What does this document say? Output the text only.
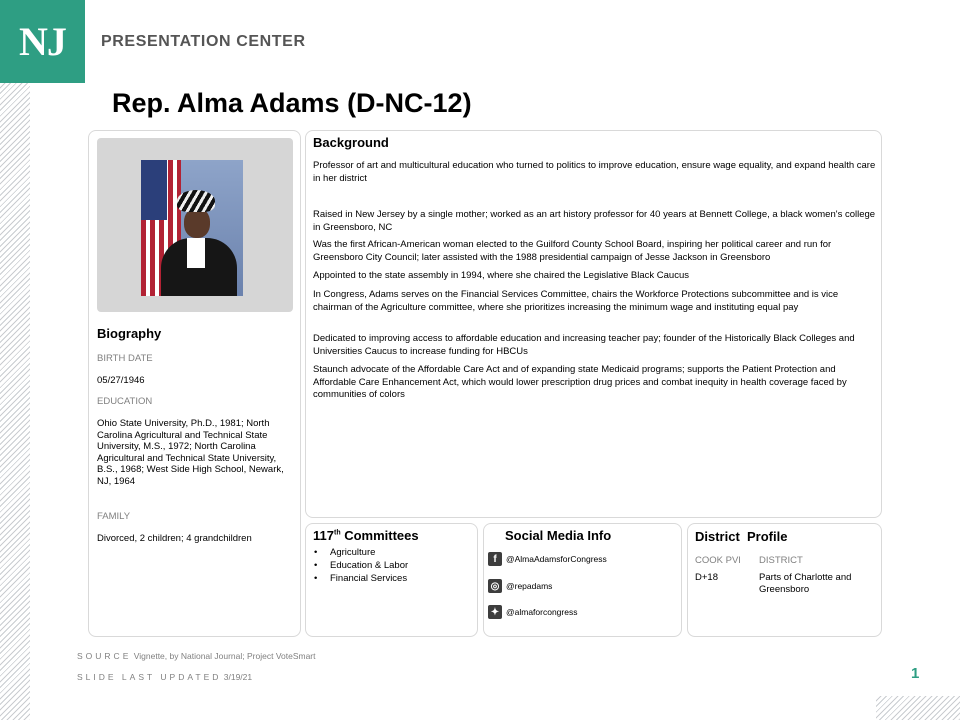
NJ	PRESENTATION CENTER
Rep. Alma Adams (D-NC-12)
Biography
BIRTH DATE
05/27/1946
EDUCATION
Ohio State University, Ph.D., 1981; North Carolina Agricultural and Technical State University, M.S., 1972; North Carolina Agricultural and Technical State University, B.S., 1968; West Side High School, Newark, NJ, 1964
FAMILY
Divorced, 2 children; 4 grandchildren
Background
Professor of art and multicultural education who turned to politics to improve education, ensure wage equality, and expand health care in her district
Raised in New Jersey by a single mother; worked as an art history professor for 40 years at Bennett College, a black women's college in Greensboro, NC
Was the first African-American woman elected to the Guilford County School Board, inspiring her political career and run for Greensboro City Council; later assisted with the 1988 presidential campaign of Jesse Jackson in Greensboro
Appointed to the state assembly in 1994, where she chaired the Legislative Black Caucus
In Congress, Adams serves on the Financial Services Committee, chairs the Workforce Protections subcommittee and is vice chairman of the Agriculture committee, where she prioritizes increasing the minimum wage and instituting equal pay
Dedicated to improving access to affordable education and increasing teacher pay; founder of the Historically Black Colleges and Universities Caucus to increase funding for HBCUs
Staunch advocate of the Affordable Care Act and of expanding state Medicaid programs; supports the Patient Protection and Affordable Care Enhancement Act, which would lower prescription drug prices and combat inequity in health coverage faced by communities of colors
117th Committees
• Agriculture
• Education & Labor
• Financial Services
Social Media Info
f	@AlmaAdamsforCongress
◎ @repadams
✦ @almaforcongress
District  Profile
COOK PVI DISTRICT
D+18	Parts of Charlotte and Greensboro
SOURCE Vignette, by National Journal; Project VoteSmart
SLIDE LAST UPDATED 3/19/21	1
